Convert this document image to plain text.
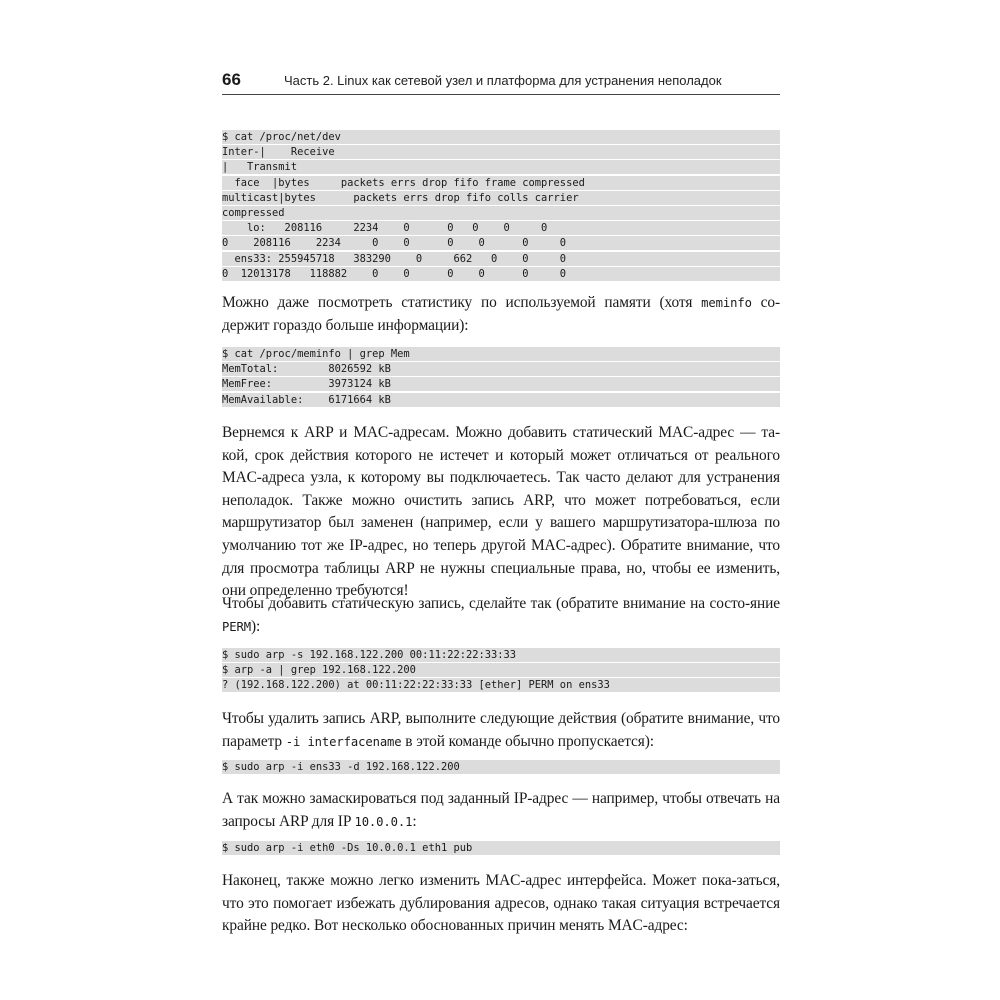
66	Часть 2. Linux как сетевой узел и платформа для устранения неполадок
$ cat /proc/net/dev
Inter-|    Receive
|   Transmit
face  |bytes     packets errs drop fifo frame compressed
multicast|bytes      packets errs drop fifo colls carrier
compressed
lo:   208116     2234    0      0   0    0     0
0    208116    2234     0    0      0    0      0     0
ens33: 255945718   383290    0     662   0    0     0
0  12013178   118882    0    0      0    0      0     0

Можно даже посмотреть статистику по используемой памяти (хотя meminfo со-держит гораздо больше информации):

$ cat /proc/meminfo | grep Mem
MemTotal:        8026592 kB
MemFree:         3973124 kB
MemAvailable:    6171664 kB

Вернемся к ARP и MAC-адресам. Можно добавить статический MAC-адрес — та-кой, срок действия которого не истечет и который может отличаться от реального MAC-адреса узла, к которому вы подключаетесь. Так часто делают для устранения неполадок. Также можно очистить запись ARP, что может потребоваться, если маршрутизатор был заменен (например, если у вашего маршрутизатора-шлюза по умолчанию тот же IP-адрес, но теперь другой MAC-адрес). Обратите внимание, что для просмотра таблицы ARP не нужны специальные права, но, чтобы ее изменить, они определенно требуются!

Чтобы добавить статическую запись, сделайте так (обратите внимание на состо-яние PERM):

$ sudo arp -s 192.168.122.200 00:11:22:22:33:33
$ arp -a | grep 192.168.122.200
? (192.168.122.200) at 00:11:22:22:33:33 [ether] PERM on ens33

Чтобы удалить запись ARP, выполните следующие действия (обратите внимание, что параметр -i interfacename в этой команде обычно пропускается):

$ sudo arp -i ens33 -d 192.168.122.200

А так можно замаскироваться под заданный IP-адрес — например, чтобы отвечать на запросы ARP для IP 10.0.0.1:

$ sudo arp -i eth0 -Ds 10.0.0.1 eth1 pub

Наконец, также можно легко изменить MAC-адрес интерфейса. Может пока-заться, что это помогает избежать дублирования адресов, однако такая ситуация встречается крайне редко. Вот несколько обоснованных причин менять MAC-адрес:
